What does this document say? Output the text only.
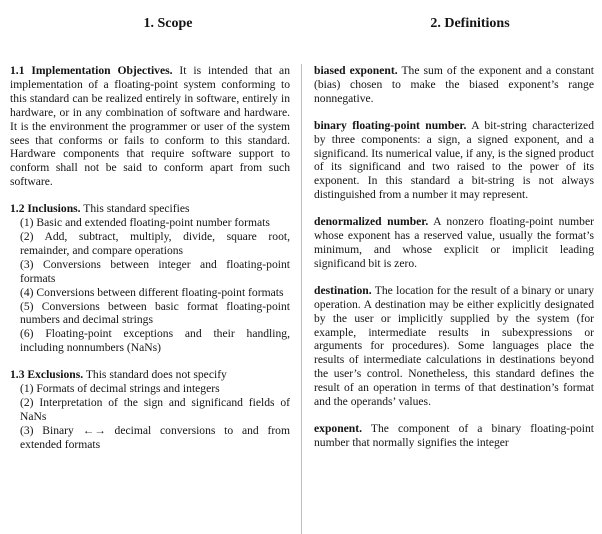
1. Scope

1.1 Implementation Objectives. It is intended that an implementation of a floating-point system conforming to this standard can be realized entirely in software, entirely in hardware, or in any combination of software and hardware. It is the environment the programmer or user of the system sees that conforms or fails to conform to this standard. Hardware components that require software support to conform shall not be said to conform apart from such software.

1.2 Inclusions. This standard specifies
(1) Basic and extended floating-point number formats
(2) Add, subtract, multiply, divide, square root, remainder, and compare operations
(3) Conversions between integer and floating-point formats
(4) Conversions between different floating-point formats
(5) Conversions between basic format floating-point numbers and decimal strings
(6) Floating-point exceptions and their handling, including nonnumbers (NaNs)
1.3 Exclusions. This standard does not specify
(1) Formats of decimal strings and integers
(2) Interpretation of the sign and significand fields of NaNs
(3) Binary ←→ decimal conversions to and from extended formats
2. Definitions

biased exponent. The sum of the exponent and a constant (bias) chosen to make the biased exponent’s range nonnegative.

binary floating-point number. A bit-string characterized by three components: a sign, a signed exponent, and a significand. Its numerical value, if any, is the signed product of its significand and two raised to the power of its exponent. In this standard a bit-string is not always distinguished from a number it may represent.

denormalized number. A nonzero floating-point number whose exponent has a reserved value, usually the format’s minimum, and whose explicit or implicit leading significand bit is zero.

destination. The location for the result of a binary or unary operation. A destination may be either explicitly designated by the user or implicitly supplied by the system (for example, intermediate results in subexpressions or arguments for procedures). Some languages place the results of intermediate calculations in destinations beyond the user’s control. Nonetheless, this standard defines the result of an operation in terms of that destination’s format and the operands’ values.

exponent. The component of a binary floating-point number that normally signifies the integer
